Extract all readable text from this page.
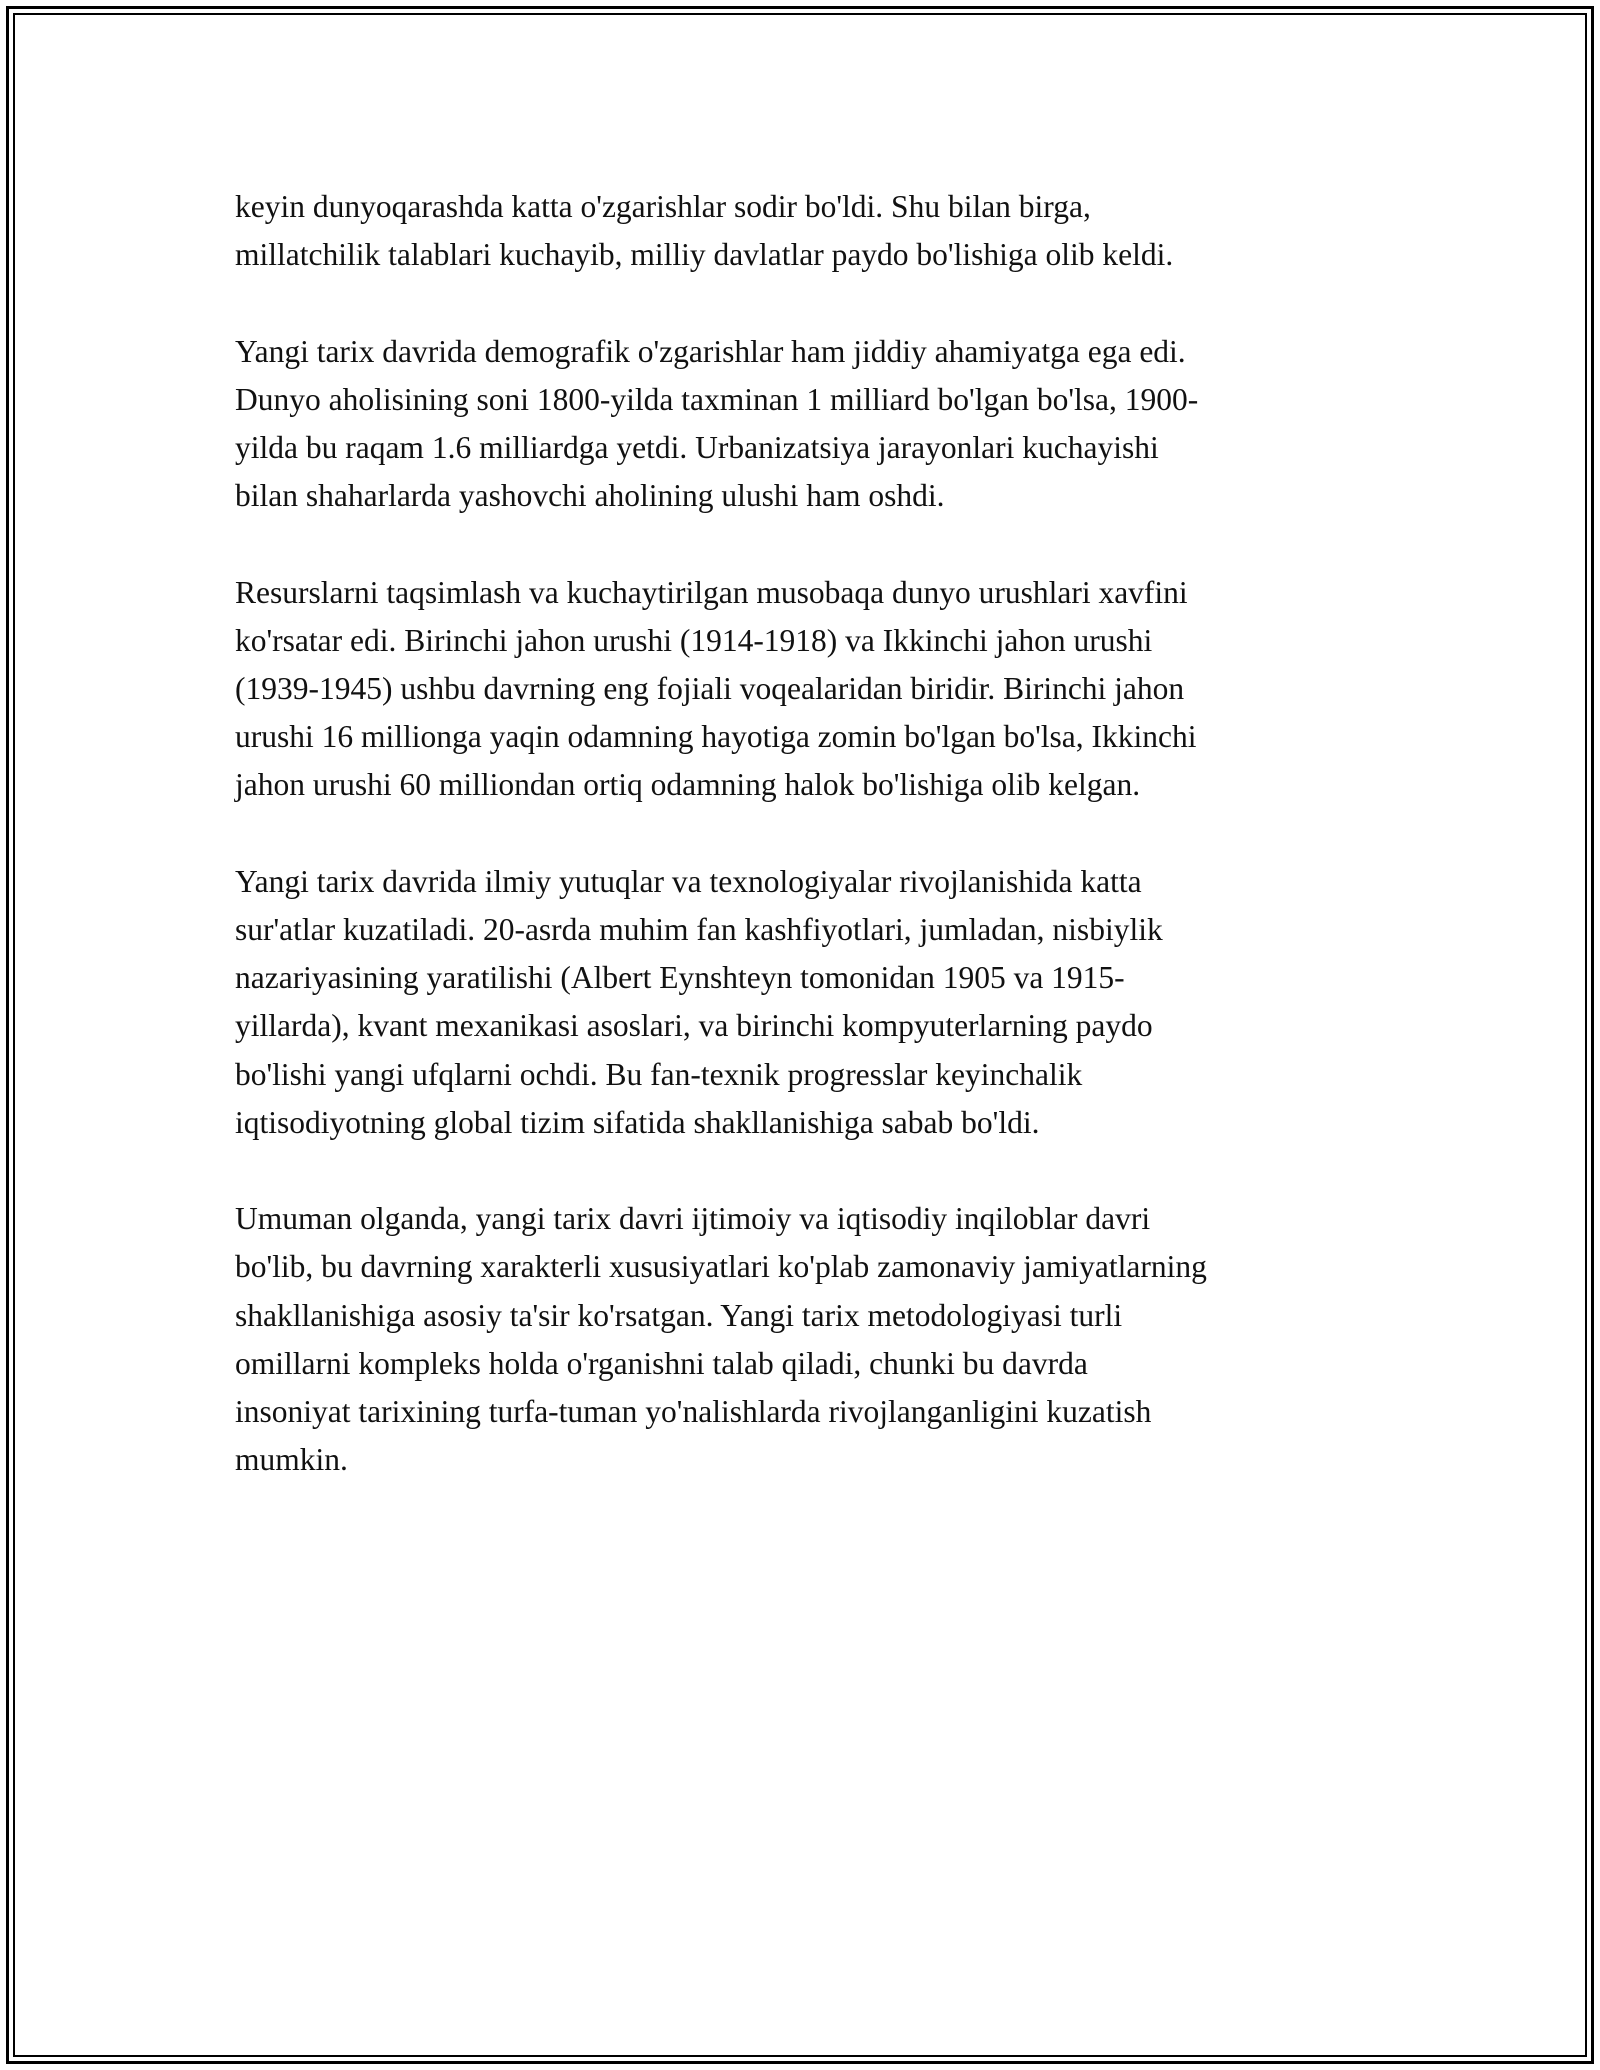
keyin dunyoqarashda katta o'zgarishlar sodir bo'ldi. Shu bilan birga,
millatchilik talablari kuchayib, milliy davlatlar paydo bo'lishiga olib keldi.

Yangi tarix davrida demografik o'zgarishlar ham jiddiy ahamiyatga ega edi.
Dunyo aholisining soni 1800-yilda taxminan 1 milliard bo'lgan bo'lsa, 1900-
yilda bu raqam 1.6 milliardga yetdi. Urbanizatsiya jarayonlari kuchayishi
bilan shaharlarda yashovchi aholining ulushi ham oshdi.

Resurslarni taqsimlash va kuchaytirilgan musobaqa dunyo urushlari xavfini
ko'rsatar edi. Birinchi jahon urushi (1914-1918) va Ikkinchi jahon urushi
(1939-1945) ushbu davrning eng fojiali voqealaridan biridir. Birinchi jahon
urushi 16 millionga yaqin odamning hayotiga zomin bo'lgan bo'lsa, Ikkinchi
jahon urushi 60 milliondan ortiq odamning halok bo'lishiga olib kelgan.

Yangi tarix davrida ilmiy yutuqlar va texnologiyalar rivojlanishida katta
sur'atlar kuzatiladi. 20-asrda muhim fan kashfiyotlari, jumladan, nisbiylik
nazariyasining yaratilishi (Albert Eynshteyn tomonidan 1905 va 1915-
yillarda), kvant mexanikasi asoslari, va birinchi kompyuterlarning paydo
bo'lishi yangi ufqlarni ochdi. Bu fan-texnik progresslar keyinchalik
iqtisodiyotning global tizim sifatida shakllanishiga sabab bo'ldi.

Umuman olganda, yangi tarix davri ijtimoiy va iqtisodiy inqiloblar davri
bo'lib, bu davrning xarakterli xususiyatlari ko'plab zamonaviy jamiyatlarning
shakllanishiga asosiy ta'sir ko'rsatgan. Yangi tarix metodologiyasi turli
omillarni kompleks holda o'rganishni talab qiladi, chunki bu davrda
insoniyat tarixining turfa-tuman yo'nalishlarda rivojlanganligini kuzatish
mumkin.
